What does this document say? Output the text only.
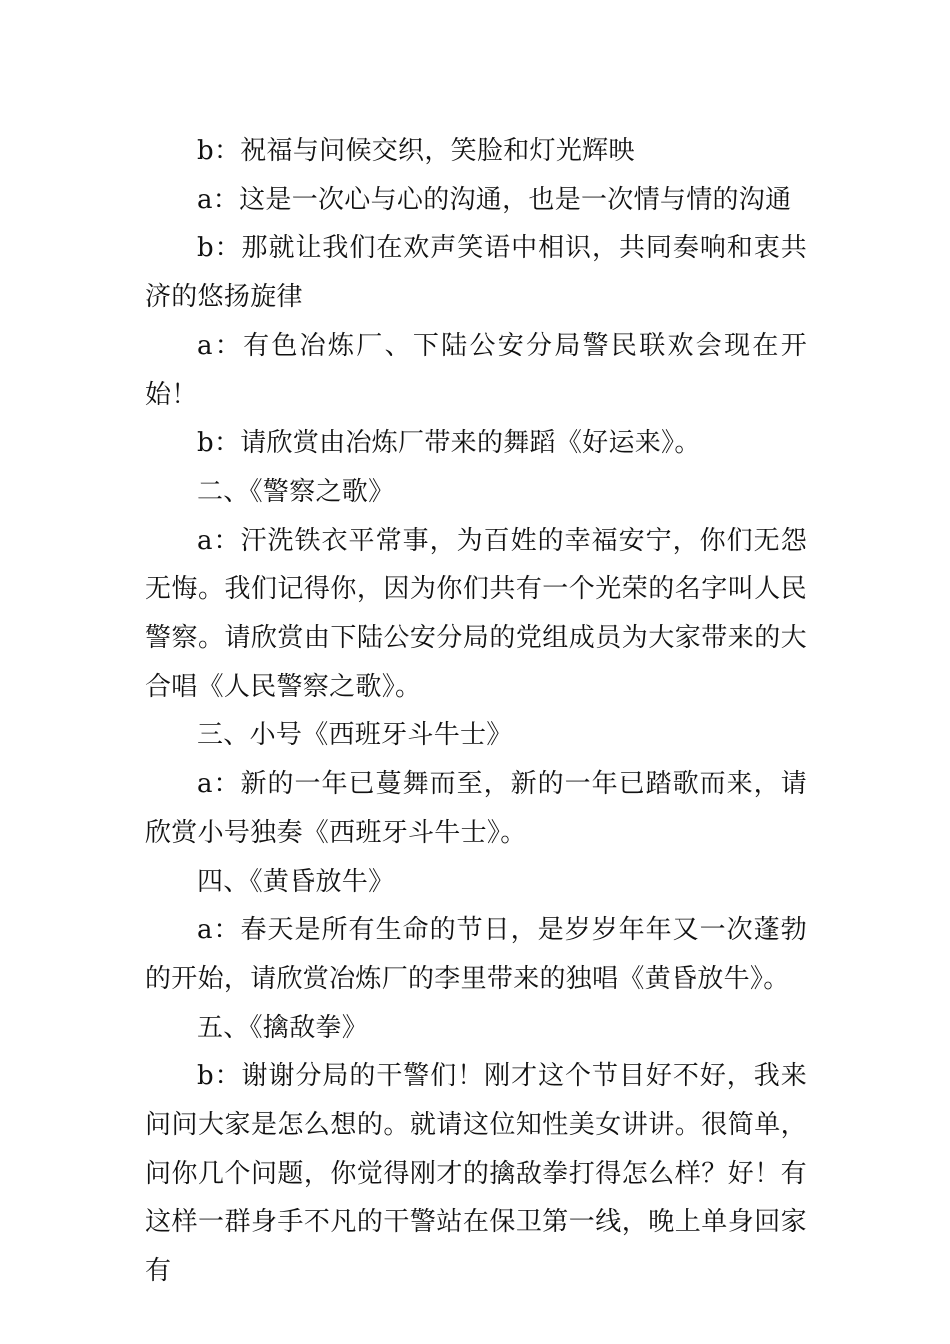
b：祝福与问候交织，笑脸和灯光辉映

a：这是一次心与心的沟通，也是一次情与情的沟通

b：那就让我们在欢声笑语中相识，共同奏响和衷共济的悠扬旋律

a：有色冶炼厂、下陆公安分局警民联欢会现在开始！

b：请欣赏由冶炼厂带来的舞蹈《好运来》。

二、《警察之歌》

a：汗洗铁衣平常事，为百姓的幸福安宁，你们无怨无悔。我们记得你，因为你们共有一个光荣的名字叫人民警察。请欣赏由下陆公安分局的党组成员为大家带来的大合唱《人民警察之歌》。

三、小号《西班牙斗牛士》

a：新的一年已蔓舞而至，新的一年已踏歌而来，请欣赏小号独奏《西班牙斗牛士》。

四、《黄昏放牛》

a：春天是所有生命的节日，是岁岁年年又一次蓬勃的开始，请欣赏冶炼厂的李里带来的独唱《黄昏放牛》。

五、《擒敌拳》

b：谢谢分局的干警们！刚才这个节目好不好，我来问问大家是怎么想的。就请这位知性美女讲讲。很简单，问你几个问题，你觉得刚才的擒敌拳打得怎么样？好！有这样一群身手不凡的干警站在保卫第一线，晚上单身回家有
